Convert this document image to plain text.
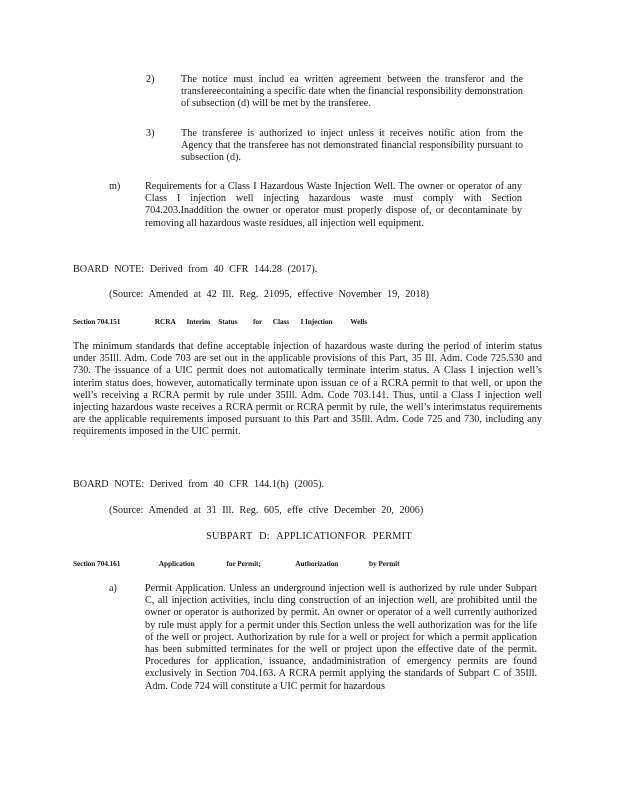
2)	The notice must includ ea written agreement between the transferor and the transfereecontaining a specific date when the financial responsibility demonstration of subsection (d) will be met by the transferee.
3)	The transferee is authorized to inject unless it receives notific ation from the Agency that the transferee has not demonstrated financial responsibility pursuant to subsection (d).
m) Requirements for a Class I Hazardous Waste Injection Well. The owner or operator of any Class I injection well injecting hazardous waste must comply with Section 704.203.Inaddition the owner or operator must properly dispose of, or decontaminate by removing all hazardous waste residues, all injection well equipment.
BOARD NOTE: Derived from 40 CFR 144.28 (2017).
(Source: Amended at 42 Ill. Reg. 21095, effective November 19, 2018)
Section 704.151	RCRA Interim Status for Class I Injection Wells
The minimum standards that define acceptable injection of hazardous waste during the period of interim status under 35Ill. Adm. Code 703 are set out in the applicable provisions of this Part, 35 Ill. Adm. Code 725.530 and 730. The issuance of a UIC permit does not automatically terminate interim status. A Class I injection well’s interim status does, however, automatically terminate upon issuan ce of a RCRA permit to that well, or upon the well’s receiving a RCRA permit by rule under 35Ill. Adm. Code 703.141. Thus, until a Class I injection well injecting hazardous waste receives a RCRA permit or RCRA permit by rule, the well’s interimstatus requirements are the applicable requirements imposed pursuant to this Part and 35Ill. Adm. Code 725 and 730, including any requirements imposed in the UIC permit.
BOARD NOTE: Derived from 40 CFR 144.1(h) (2005).
(Source: Amended at 31 Ill. Reg. 605, effe ctive December 20, 2006)
SUBPART D: APPLICATIONFOR PERMIT
Section 704.161	Application	for Permit;	Authorization	by Permit
a)	Permit Application. Unless an underground injection well is authorized by rule under Subpart C, all injection activities, inclu ding construction of an injection well, are prohibited until the owner or operator is authorized by permit. An owner or operator of a well currently authorized by rule must apply for a permit under this Section unless the well authorization was for the life of the well or project. Authorization by rule for a well or project for which a permit application has been submitted terminates for the well or project upon the effective date of the permit. Procedures for application, issuance, andadministration of emergency permits are found exclusively in Section 704.163. A RCRA permit applying the standards of Subpart C of 35Ill. Adm. Code 724 will constitute a UIC permit for hazardous
